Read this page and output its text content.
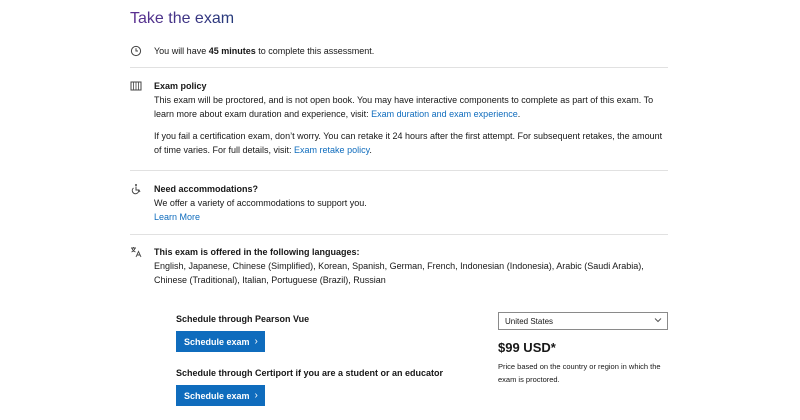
Take the exam
You will have 45 minutes to complete this assessment.
Exam policy
This exam will be proctored, and is not open book. You may have interactive components to complete as part of this exam. To learn more about exam duration and experience, visit: Exam duration and exam experience.
If you fail a certification exam, don’t worry. You can retake it 24 hours after the first attempt. For subsequent retakes, the amount of time varies. For full details, visit: Exam retake policy.
Need accommodations?
We offer a variety of accommodations to support you.
Learn More
This exam is offered in the following languages:
English, Japanese, Chinese (Simplified), Korean, Spanish, German, French, Indonesian (Indonesia), Arabic (Saudi Arabia), Chinese (Traditional), Italian, Portuguese (Brazil), Russian
Schedule through Pearson Vue
Schedule exam ›
Schedule through Certiport if you are a student or an educator
Schedule exam ›
United States
$99 USD*
Price based on the country or region in which the exam is proctored.
